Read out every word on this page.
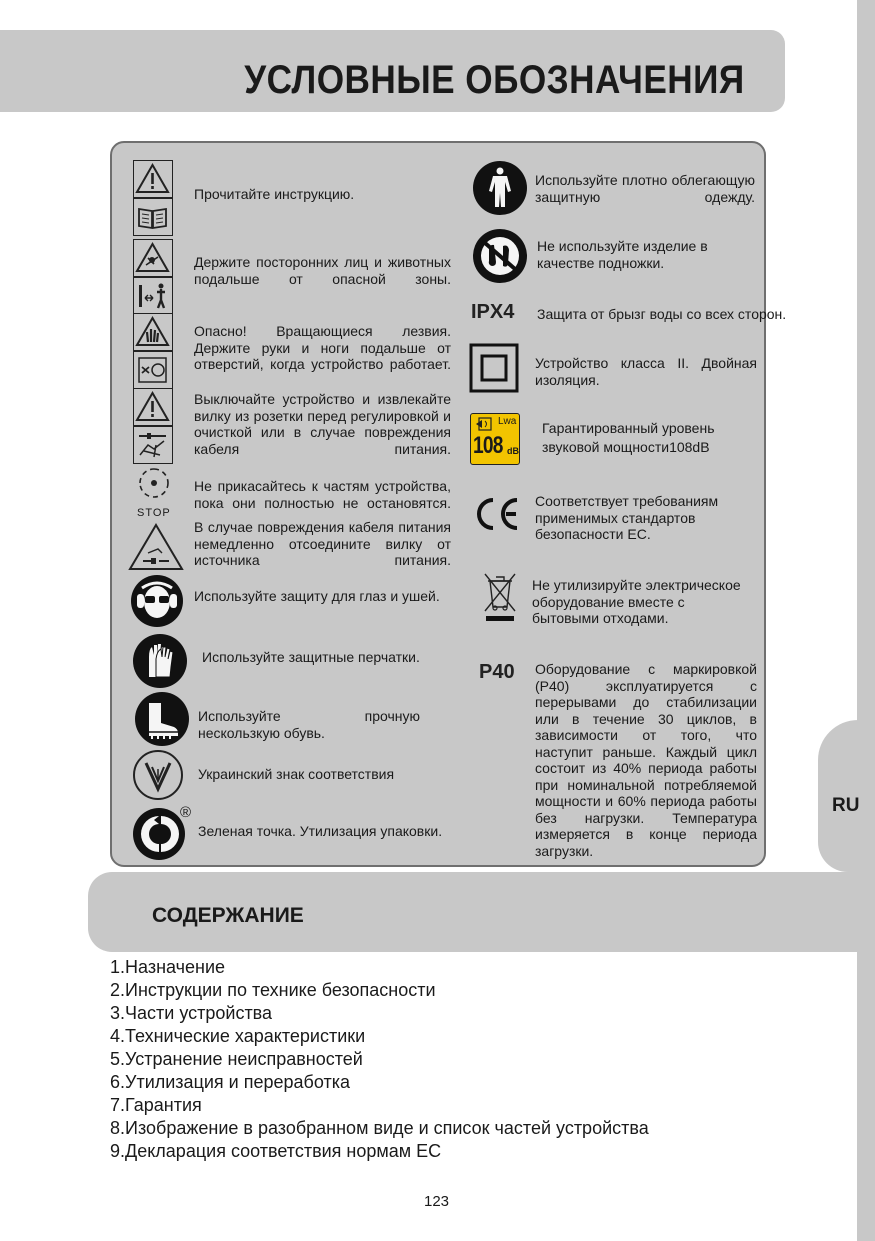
RU
УСЛОВНЫЕ ОБОЗНАЧЕНИЯ
Прочитайте инструкцию.
Держите посторонних лиц и животных подальше от опасной зоны.
Опасно! Вращающиеся лезвия. Держите руки и ноги подальше от отверстий, когда устройство работает.
Выключайте устройство и извлекайте вилку из розетки перед регулировкой и очисткой или в случае повреждения кабеля питания.
STOP
Не прикасайтесь к частям устройства, пока они полностью не остановятся.
В случае повреждения кабеля питания немедленно отсоедините вилку от источника питания.
Используйте защиту для глаз и ушей.
Используйте защитные перчатки.
Используйте прочную нескользкую обувь.
Украинский знак соответствия
®
Зеленая точка. Утилизация упаковки.
Используйте плотно облегающую защитную одежду.
Не используйте изделие в качестве подножки.
IPX4 Защита от брызг воды со всех сторон.
Устройство класса II. Двойная изоляция.
Lwa
108 dB
Гарантированный уровень
звуковой мощности108dB
Соответствует требованиям применимых стандартов безопасности ЕС.
Не утилизируйте электрическое оборудование вместе с бытовыми отходами.
P40 Оборудование с маркировкой (P40) эксплуатируется с перерывами до стабилизации или в течение 30 циклов, в зависимости от того, что наступит раньше. Каждый цикл состоит из 40% периода работы при номинальной потребляемой мощности и 60% периода работы без нагрузки. Температура измеряется в конце периода загрузки.
СОДЕРЖАНИЕ
1.Назначение
2.Инструкции по технике безопасности
3.Части устройства
4.Технические характеристики
5.Устранение неисправностей
6.Утилизация и переработка
7.Гарантия
8.Изображение в разобранном виде и список частей устройства
9.Декларация соответствия нормам ЕС
123
